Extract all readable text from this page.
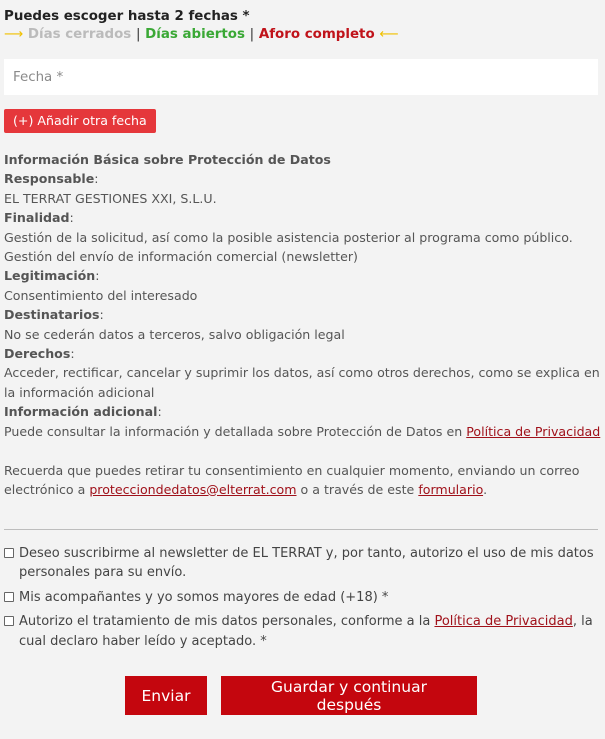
Puedes escoger hasta 2 fechas *
⟶ Días cerrados | Días abiertos | Aforo completo ⟵
Fecha *
(+) Añadir otra fecha
Información Básica sobre Protección de Datos
Responsable:
EL TERRAT GESTIONES XXI, S.L.U.
Finalidad:
Gestión de la solicitud, así como la posible asistencia posterior al programa como público. Gestión del envío de información comercial (newsletter)
Legitimación:
Consentimiento del interesado
Destinatarios:
No se cederán datos a terceros, salvo obligación legal
Derechos:
Acceder, rectificar, cancelar y suprimir los datos, así como otros derechos, como se explica en la información adicional
Información adicional:
Puede consultar la información y detallada sobre Protección de Datos en Política de Privacidad

Recuerda que puedes retirar tu consentimiento en cualquier momento, enviando un correo electrónico a protecciondedatos@elterrat.com o a través de este formulario.
Deseo suscribirme al newsletter de EL TERRAT y, por tanto, autorizo el uso de mis datos personales para su envío.
Mis acompañantes y yo somos mayores de edad (+18) *
Autorizo el tratamiento de mis datos personales, conforme a la Política de Privacidad, la cual declaro haber leído y aceptado. *
Enviar	Guardar y continuar después
